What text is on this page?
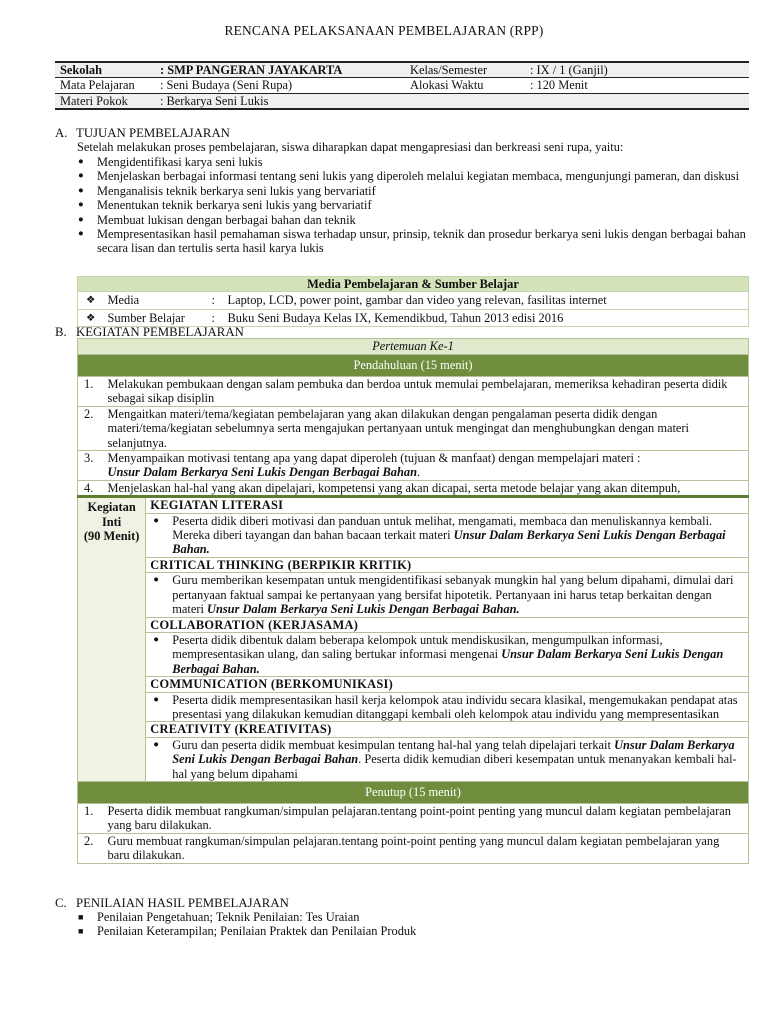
RENCANA PELAKSANAAN PEMBELAJARAN (RPP)
Sekolah	: SMP PANGERAN JAYAKARTA	Kelas/Semester	: IX / 1 (Ganjil)
Mata Pelajaran	: Seni Budaya (Seni Rupa)	Alokasi Waktu	: 120 Menit
Materi Pokok	: Berkarya Seni Lukis		
A. TUJUAN PEMBELAJARAN
Setelah melakukan proses pembelajaran, siswa diharapkan dapat mengapresiasi dan berkreasi seni rupa, yaitu:
● Mengidentifikasi karya seni lukis
● Menjelaskan berbagai informasi tentang seni lukis yang diperoleh melalui kegiatan membaca, mengunjungi pameran, dan diskusi
● Menganalisis teknik berkarya seni lukis yang bervariatif
● Menentukan teknik berkarya seni lukis yang bervariatif
● Membuat lukisan dengan berbagai bahan dan teknik
● Mempresentasikan hasil pemahaman siswa terhadap unsur, prinsip, teknik dan prosedur berkarya seni lukis dengan berbagai bahan secara lisan dan tertulis serta hasil karya lukis
Media Pembelajaran & Sumber Belajar			
❖	Media	:	Laptop, LCD, power point, gambar dan video yang relevan, fasilitas internet
❖	Sumber Belajar	:	Buku Seni Budaya Kelas IX, Kemendikbud, Tahun 2013 edisi 2016
B. KEGIATAN PEMBELAJARAN
Pertemuan Ke-1		
Pendahuluan (15 menit)		
1.	Melakukan pembukaan dengan salam pembuka dan berdoa untuk memulai pembelajaran, memeriksa kehadiran peserta didik sebagai sikap disiplin	
2.	Mengaitkan materi/tema/kegiatan pembelajaran yang akan dilakukan dengan pengalaman peserta didik dengan materi/tema/kegiatan sebelumnya serta mengajukan pertanyaan untuk mengingat dan menghubungkan dengan materi selanjutnya.	
3.	Menyampaikan motivasi tentang apa yang dapat diperoleh (tujuan & manfaat) dengan mempelajari materi :
Unsur Dalam Berkarya Seni Lukis Dengan Berbagai Bahan.	
4.	Menjelaskan hal-hal yang akan dipelajari, kompetensi yang akan dicapai, serta metode belajar yang akan ditempuh,	
Kegiatan Inti
(90 Menit)		KEGIATAN LITERASI
		● Peserta didik diberi motivasi dan panduan untuk melihat, mengamati, membaca dan menuliskannya kembali. Mereka diberi tayangan dan bahan bacaan terkait materi Unsur Dalam Berkarya Seni Lukis Dengan Berbagai Bahan.
		CRITICAL THINKING (BERPIKIR KRITIK)
		● Guru memberikan kesempatan untuk mengidentifikasi sebanyak mungkin hal yang belum dipahami, dimulai dari pertanyaan faktual sampai ke pertanyaan yang bersifat hipotetik. Pertanyaan ini harus tetap berkaitan dengan materi Unsur Dalam Berkarya Seni Lukis Dengan Berbagai Bahan.
		COLLABORATION (KERJASAMA)
		● Peserta didik dibentuk dalam beberapa kelompok untuk mendiskusikan, mengumpulkan informasi, mempresentasikan ulang, dan saling bertukar informasi mengenai Unsur Dalam Berkarya Seni Lukis Dengan Berbagai Bahan.
		COMMUNICATION (BERKOMUNIKASI)
		● Peserta didik mempresentasikan hasil kerja kelompok atau individu secara klasikal, mengemukakan pendapat atas presentasi yang dilakukan kemudian ditanggapi kembali oleh kelompok atau individu yang mempresentasikan
		CREATIVITY (KREATIVITAS)
		● Guru dan peserta didik membuat kesimpulan tentang hal-hal yang telah dipelajari terkait Unsur Dalam Berkarya Seni Lukis Dengan Berbagai Bahan. Peserta didik kemudian diberi kesempatan untuk menanyakan kembali hal-hal yang belum dipahami
Penutup (15 menit)		
1.	Peserta didik membuat rangkuman/simpulan pelajaran.tentang point-point penting yang muncul dalam kegiatan pembelajaran yang baru dilakukan.	
2.	Guru membuat rangkuman/simpulan pelajaran.tentang point-point penting yang muncul dalam kegiatan pembelajaran yang baru dilakukan.	
C. PENILAIAN HASIL PEMBELAJARAN
■ Penilaian Pengetahuan; Teknik Penilaian: Tes Uraian
■ Penilaian Keterampilan; Penilaian Praktek dan Penilaian Produk
